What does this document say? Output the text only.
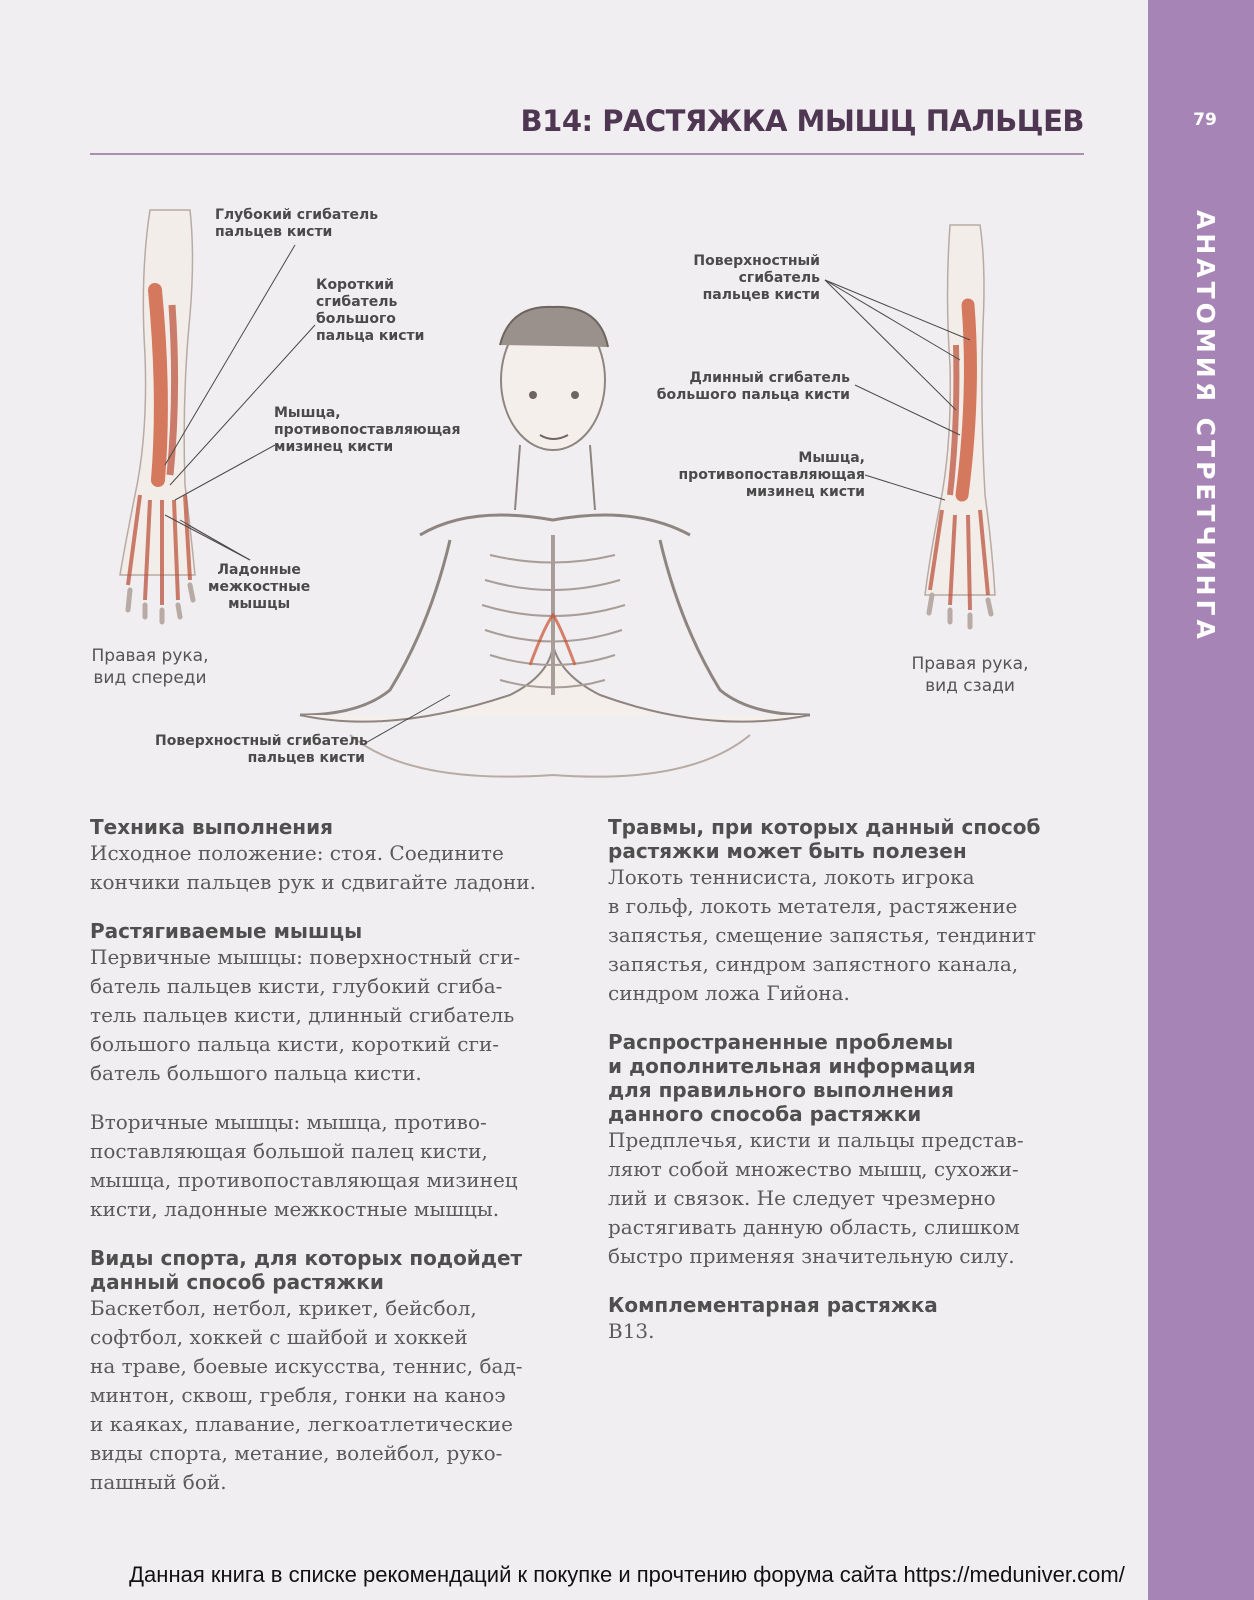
79
АНАТОМИЯ СТРЕТЧИНГА
В14: РАСТЯЖКА МЫШЦ ПАЛЬЦЕВ
Глубокий сгибатель
пальцев кисти
Короткий
сгибатель
большого
пальца кисти
Мышца,
противопоставляющая
мизинец кисти
Ладонные
межкостные
мышцы
Поверхностный сгибатель
пальцев кисти
Поверхностный
сгибатель
пальцев кисти
Длинный сгибатель
большого пальца кисти
Мышца,
противопоставляющая
мизинец кисти
Правая рука,
вид спереди
Правая рука,
вид сзади

Техника выполнения

Исходное положение: стоя. Соедините
кончики пальцев рук и сдвигайте ладони.

Растягиваемые мышцы

Первичные мышцы: поверхностный сги-
батель пальцев кисти, глубокий сгиба-
тель пальцев кисти, длинный сгибатель
большого пальца кисти, короткий сги-
батель большого пальца кисти.

Вторичные мышцы: мышца, противо-
поставляющая большой палец кисти,
мышца, противопоставляющая мизинец
кисти, ладонные межкостные мышцы.

Виды спорта, для которых подойдет
данный способ растяжки

Баскетбол, нетбол, крикет, бейсбол,
софтбол, хоккей с шайбой и хоккей
на траве, боевые искусства, теннис, бад-
минтон, сквош, гребля, гонки на каноэ
и каяках, плавание, легкоатлетические
виды спорта, метание, волейбол, руко-
пашный бой.

Травмы, при которых данный способ
растяжки может быть полезен

Локоть теннисиста, локоть игрока
в гольф, локоть метателя, растяжение
запястья, смещение запястья, тендинит
запястья, синдром запястного канала,
синдром ложа Гийона.

Распространенные проблемы
и дополнительная информация
для правильного выполнения
данного способа растяжки

Предплечья, кисти и пальцы представ-
ляют собой множество мышц, сухожи-
лий и связок. Не следует чрезмерно
растягивать данную область, слишком
быстро применяя значительную силу.

Комплементарная растяжка

В13.

Данная книга в списке рекомендаций к покупке и прочтению форума сайта https://meduniver.com/
